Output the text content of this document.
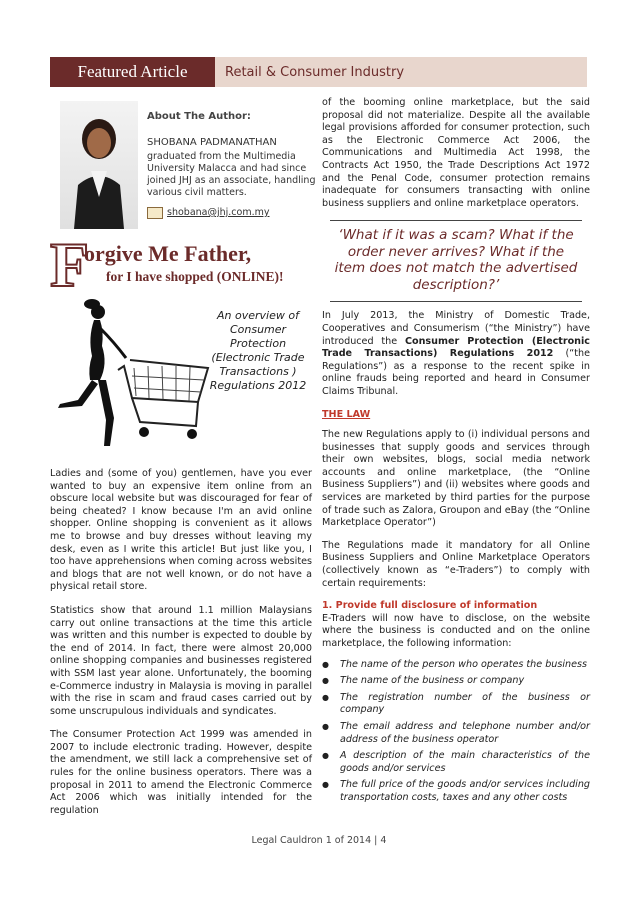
Featured Article	Retail & Consumer Industry
About The Author:
SHOBANA PADMANATHAN
graduated from the Multimedia University Malacca and had since joined JHJ as an associate, handling various civil matters.
shobana@jhj.com.my
F
orgive Me Father,
for I have shopped (ONLINE)!
An overview of Consumer Protection (Electronic Trade Transactions ) Regulations 2012

Ladies and (some of you) gentlemen, have you ever wanted to buy an expensive item online from an obscure local website but was discouraged for fear of being cheated? I know because I'm an avid online shopper. Online shopping is convenient as it allows me to browse and buy dresses without leaving my desk, even as I write this article! But just like you, I too have apprehensions when coming across websites and blogs that are not well known, or do not have a physical retail store.

Statistics show that around 1.1 million Malaysians carry out online transactions at the time this article was written and this number is expected to double by the end of 2014. In fact, there were almost 20,000 online shopping companies and businesses registered with SSM last year alone. Unfortunately, the booming e-Commerce industry in Malaysia is moving in parallel with the rise in scam and fraud cases carried out by some unscrupulous individuals and syndicates.

The Consumer Protection Act 1999 was amended in 2007 to include electronic trading. However, despite the amendment, we still lack a comprehensive set of rules for the online business operators. There was a proposal in 2011 to amend the Electronic Commerce Act 2006 which was initially intended for the regulation

of the booming online marketplace, but the said proposal did not materialize. Despite all the available legal provisions afforded for consumer protection, such as the Electronic Commerce Act 2006, the Communications and Multimedia Act 1998, the Contracts Act 1950, the Trade Descriptions Act 1972 and the Penal Code, consumer protection remains inadequate for consumers transacting with online business suppliers and online marketplace operators.

‘What if it was a scam? What if the order never arrives? What if the item does not match the advertised description?’

In July 2013, the Ministry of Domestic Trade, Cooperatives and Consumerism (“the Ministry”) have introduced the Consumer Protection (Electronic Trade Transactions) Regulations 2012 (“the Regulations”) as a response to the recent spike in online frauds being reported and heard in Consumer Claims Tribunal.

THE LAW

The new Regulations apply to (i) individual persons and businesses that supply goods and services through their own websites, blogs, social media network accounts and online marketplace, (the “Online Business Suppliers”) and (ii) websites where goods and services are marketed by third parties for the purpose of trade such as Zalora, Groupon and eBay (the “Online Marketplace Operator”)

The Regulations made it mandatory for all Online Business Suppliers and Online Marketplace Operators (collectively known as “e-Traders”) to comply with certain requirements:

1. Provide full disclosure of information

E-Traders will now have to disclose, on the website where the business is conducted and on the online marketplace, the following information:

● The name of the person who operates the business
● The name of the business or company
● The registration number of the business or company
● The email address and telephone number and/or address of the business operator
● A description of the main characteristics of the goods and/or services
● The full price of the goods and/or services including transportation costs, taxes and any other costs
Legal Cauldron 1 of 2014 | 4
